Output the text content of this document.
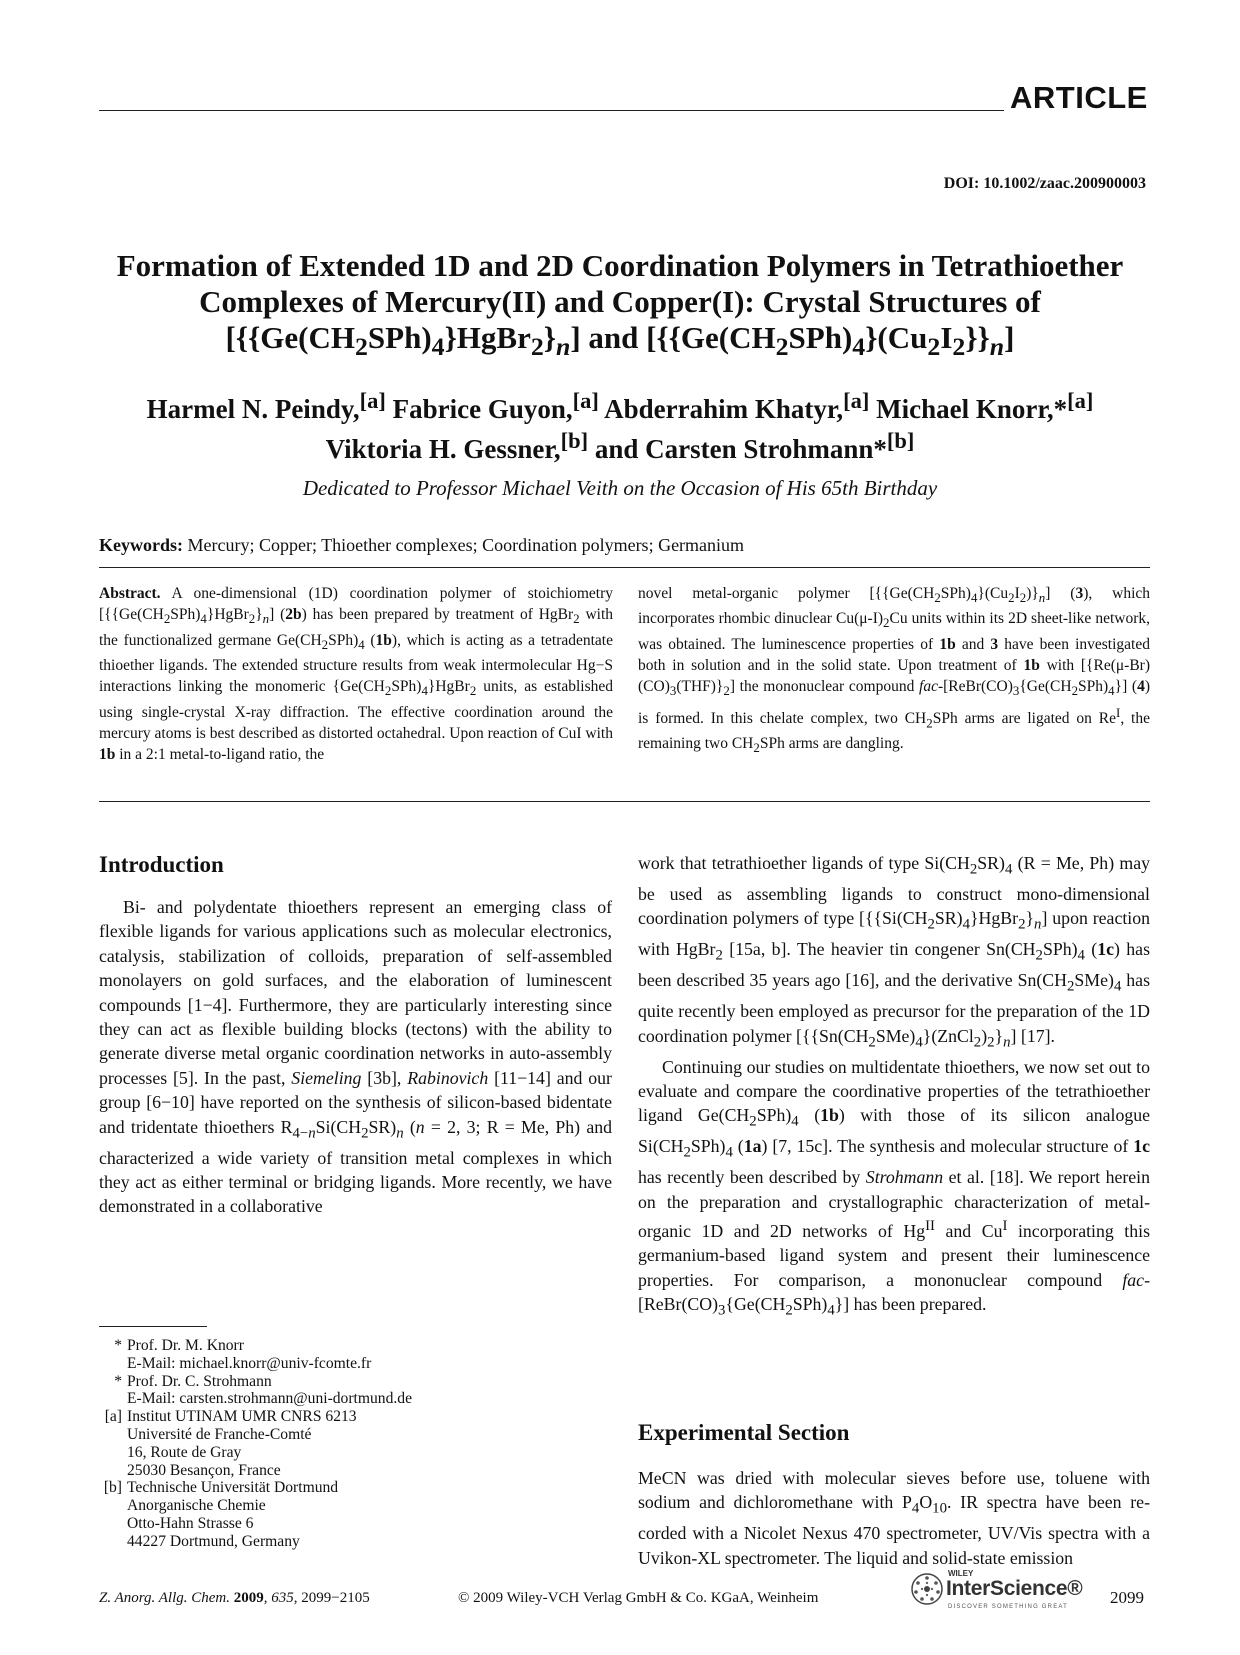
ARTICLE
DOI: 10.1002/zaac.200900003
Formation of Extended 1D and 2D Coordination Polymers in Tetrathioether
Complexes of Mercury(II) and Copper(I): Crystal Structures of
$[\{\{Ge(CH_2SPh)_4\}HgBr_2\}_n]$ and $[\{\{Ge(CH_2SPh)_4\}(Cu_2I_2\}\}_n]$
Harmel N. Peindy,[a] Fabrice Guyon,[a] Abderrahim Khatyr,[a] Michael Knorr,*[a]
Viktoria H. Gessner,[b] and Carsten Strohmann*[b]
Dedicated to Professor Michael Veith on the Occasion of His 65th Birthday
Keywords: Mercury; Copper; Thioether complexes; Coordination polymers; Germanium
Abstract. A one-dimensional (1D) coordination polymer of stoichiometry $[\{\{Ge(CH_2SPh)_4\}HgBr_2\}_n]$ (2b) has been prepared by treatment of HgBr$_2$ with the functionalized germane $Ge(CH_2SPh)_4$ (1b), which is acting as a tetradentate thioether ligands. The extended structure results from weak intermolecular Hg−S interactions linking the monomeric $\{Ge(CH_2SPh)_4\}HgBr_2$ units, as established using single-crystal X-ray diffraction. The effective coordination around the mercury atoms is best described as distorted octahedral. Upon reaction of CuI with 1b in a 2:1 metal-to-ligand ratio, the
novel metal-organic polymer $[\{\{Ge(CH_2SPh)_4\}(Cu_2I_2)\}_n]$ (3), which incorporates rhombic dinuclear $Cu(\mu-I)_2Cu$ units within its 2D sheet-like network, was obtained. The luminescence properties of 1b and 3 have been investigated both in solution and in the solid state. Upon treatment of 1b with $[\{Re(\mu-Br)(CO)_3(THF)\}_2]$ the mononuclear compound fac-$[ReBr(CO)_3\{Ge(CH_2SPh)_4\}]$ (4) is formed. In this chelate complex, two $CH_2SPh$ arms are ligated on $Re^I$, the remaining two $CH_2SPh$ arms are dangling.
Introduction

Bi- and polydentate thioethers represent an emerging class of flexible ligands for various applications such as molecular electronics, catalysis, stabilization of colloids, preparation of self-assembled monolayers on gold surfaces, and the elaboration of luminescent compounds [1−4]. Furthermore, they are particularly interesting since they can act as flexible building blocks (tectons) with the ability to generate diverse metal organic coordination networks in auto-assembly processes [5]. In the past, Siemeling [3b], Rabinovich [11−14] and our group [6−10] have reported on the synthesis of silicon-based bidentate and tridentate thioethers $R_{4-n}Si(CH_2SR)_n$ (n = 2, 3; R = Me, Ph) and characterized a wide variety of transition metal complexes in which they act as either terminal or bridging ligands. More recently, we have demonstrated in a collaborative

work that tetrathioether ligands of type $Si(CH_2SR)_4$ (R = Me, Ph) may be used as assembling ligands to construct mono-dimensional coordination polymers of type $[\{\{Si(CH_2SR)_4\}HgBr_2\}_n]$ upon reaction with HgBr$_2$ [15a, b]. The heavier tin congener $Sn(CH_2SPh)_4$ (1c) has been described 35 years ago [16], and the derivative $Sn(CH_2SMe)_4$ has quite recently been employed as precursor for the preparation of the 1D coordination polymer $[\{\{Sn(CH_2SMe)_4\}(ZnCl_2)_2\}_n]$ [17].

Continuing our studies on multidentate thioethers, we now set out to evaluate and compare the coordinative properties of the tetrathioether ligand $Ge(CH_2SPh)_4$ (1b) with those of its silicon analogue $Si(CH_2SPh)_4$ (1a) [7, 15c]. The synthesis and molecular structure of 1c has recently been described by Strohmann et al. [18]. We report herein on the preparation and crystallographic characterization of metal-organic 1D and 2D networks of $Hg^{II}$ and $Cu^I$ incorporating this germanium-based ligand system and present their luminescence properties. For comparison, a mononuclear compound fac-$[ReBr(CO)_3\{Ge(CH_2SPh)_4\}]$ has been prepared.

Experimental Section
MeCN was dried with molecular sieves before use, toluene with sodium and dichloromethane with $P_4O_{10}$. IR spectra have been recorded with a Nicolet Nexus 470 spectrometer, UV/Vis spectra with a Uvikon-XL spectrometer. The liquid and solid-state emission
* Prof. Dr. M. Knorr
E-Mail: michael.knorr@univ-fcomte.fr
* Prof. Dr. C. Strohmann
E-Mail: carsten.strohmann@uni-dortmund.de
[a] Institut UTINAM UMR CNRS 6213
Université de Franche-Comté
16, Route de Gray
25030 Besançon, France
[b] Technische Universität Dortmund
Anorganische Chemie
Otto-Hahn Strasse 6
44227 Dortmund, Germany
Z. Anorg. Allg. Chem. 2009, 635, 2099−2105	© 2009 Wiley-VCH Verlag GmbH & Co. KGaA, Weinheim
WILEY
InterScience®
DISCOVER SOMETHING GREAT 2099
